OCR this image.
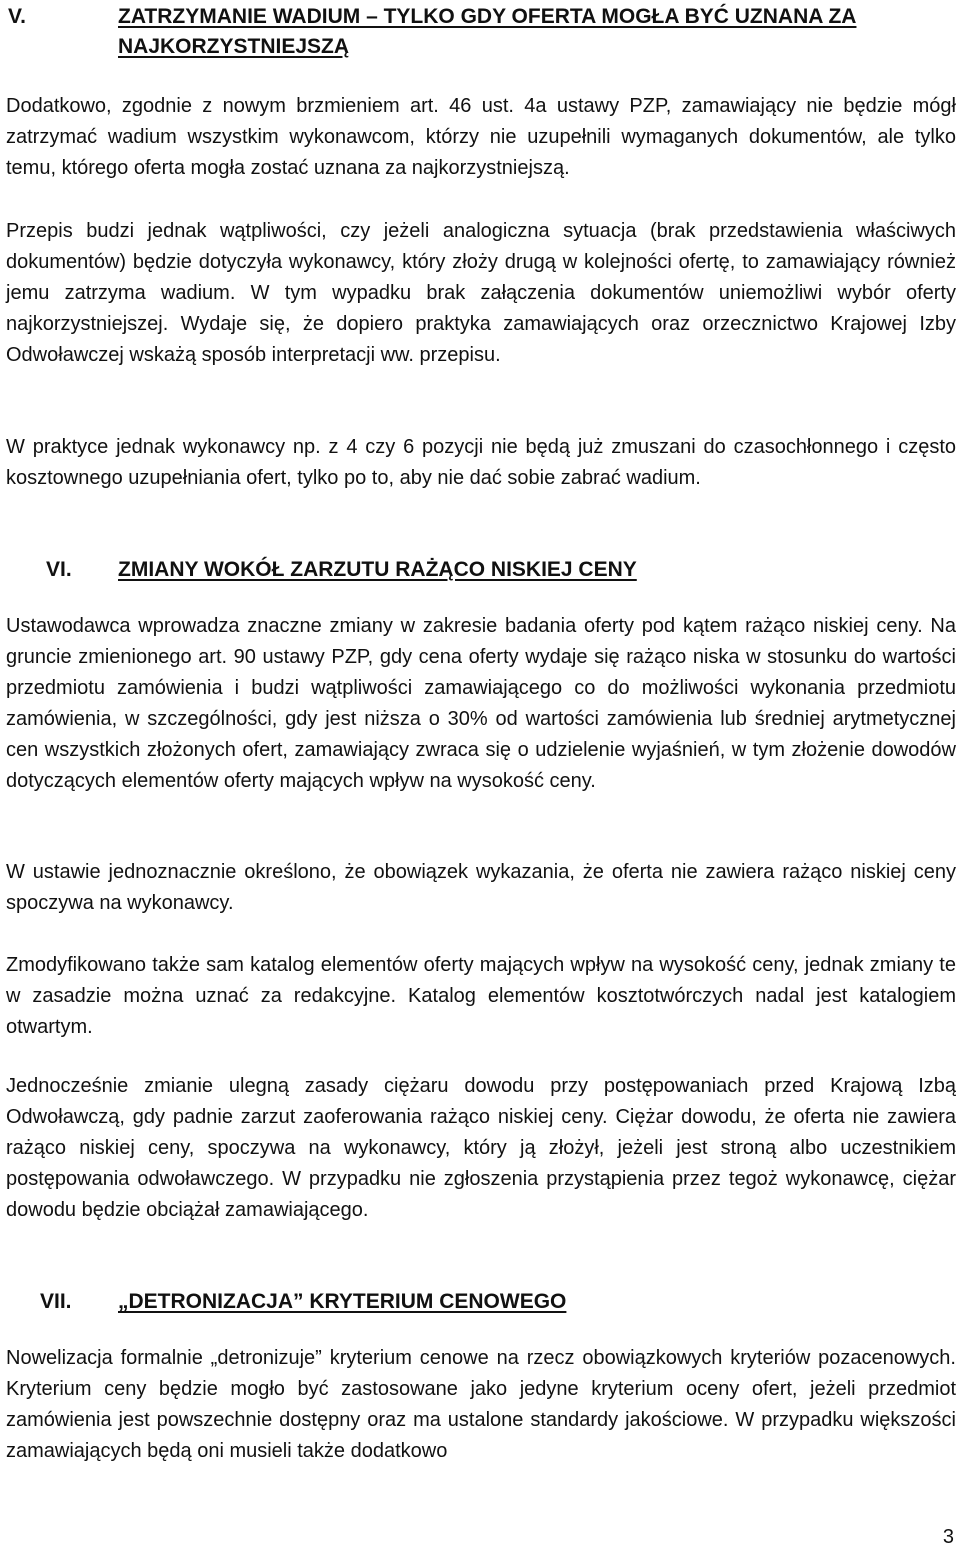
V.	ZATRZYMANIE WADIUM – TYLKO GDY OFERTA MOGŁA BYĆ UZNANA ZA NAJKORZYSTNIEJSZĄ

Dodatkowo, zgodnie z nowym brzmieniem art. 46 ust. 4a ustawy PZP, zamawiający nie będzie mógł zatrzymać wadium wszystkim wykonawcom, którzy nie uzupełnili wymaganych dokumentów, ale tylko temu, którego oferta mogła zostać uznana za najkorzystniejszą.

Przepis budzi jednak wątpliwości, czy jeżeli analogiczna sytuacja (brak przedstawienia właściwych dokumentów) będzie dotyczyła wykonawcy, który złoży drugą w kolejności ofertę, to zamawiający również jemu zatrzyma wadium. W tym wypadku brak załączenia dokumentów uniemożliwi wybór oferty najkorzystniejszej. Wydaje się, że dopiero praktyka zamawiających oraz orzecznictwo Krajowej Izby Odwoławczej wskażą sposób interpretacji ww. przepisu.

W praktyce jednak wykonawcy np. z 4 czy 6 pozycji nie będą już zmuszani do czasochłonnego i często kosztownego uzupełniania ofert, tylko po to, aby nie dać sobie zabrać wadium.

VI.	ZMIANY WOKÓŁ ZARZUTU RAŻĄCO NISKIEJ CENY

Ustawodawca wprowadza znaczne zmiany w zakresie badania oferty pod kątem rażąco niskiej ceny. Na gruncie zmienionego art. 90 ustawy PZP, gdy cena oferty wydaje się rażąco niska w stosunku do wartości przedmiotu zamówienia i budzi wątpliwości zamawiającego co do możliwości wykonania przedmiotu zamówienia, w szczególności, gdy jest niższa o 30% od wartości zamówienia lub średniej arytmetycznej cen wszystkich złożonych ofert, zamawiający zwraca się o udzielenie wyjaśnień, w tym złożenie dowodów dotyczących elementów oferty mających wpływ na wysokość ceny.

W ustawie jednoznacznie określono, że obowiązek wykazania, że oferta nie zawiera rażąco niskiej ceny spoczywa na wykonawcy.

Zmodyfikowano także sam katalog elementów oferty mających wpływ na wysokość ceny, jednak zmiany te w zasadzie można uznać za redakcyjne. Katalog elementów kosztotwórczych nadal jest katalogiem otwartym.

Jednocześnie zmianie ulegną zasady ciężaru dowodu przy postępowaniach przed Krajową Izbą Odwoławczą, gdy padnie zarzut zaoferowania rażąco niskiej ceny. Ciężar dowodu, że oferta nie zawiera rażąco niskiej ceny, spoczywa na wykonawcy, który ją złożył, jeżeli jest stroną albo uczestnikiem postępowania odwoławczego. W przypadku nie zgłoszenia przystąpienia przez tegoż wykonawcę, ciężar dowodu będzie obciążał zamawiającego.

VII.	„DETRONIZACJA” KRYTERIUM CENOWEGO

Nowelizacja formalnie „detronizuje” kryterium cenowe na rzecz obowiązkowych kryteriów pozacenowych. Kryterium ceny będzie mogło być zastosowane jako jedyne kryterium oceny ofert, jeżeli przedmiot zamówienia jest powszechnie dostępny oraz ma ustalone standardy jakościowe. W przypadku większości zamawiających będą oni musieli także dodatkowo

3
